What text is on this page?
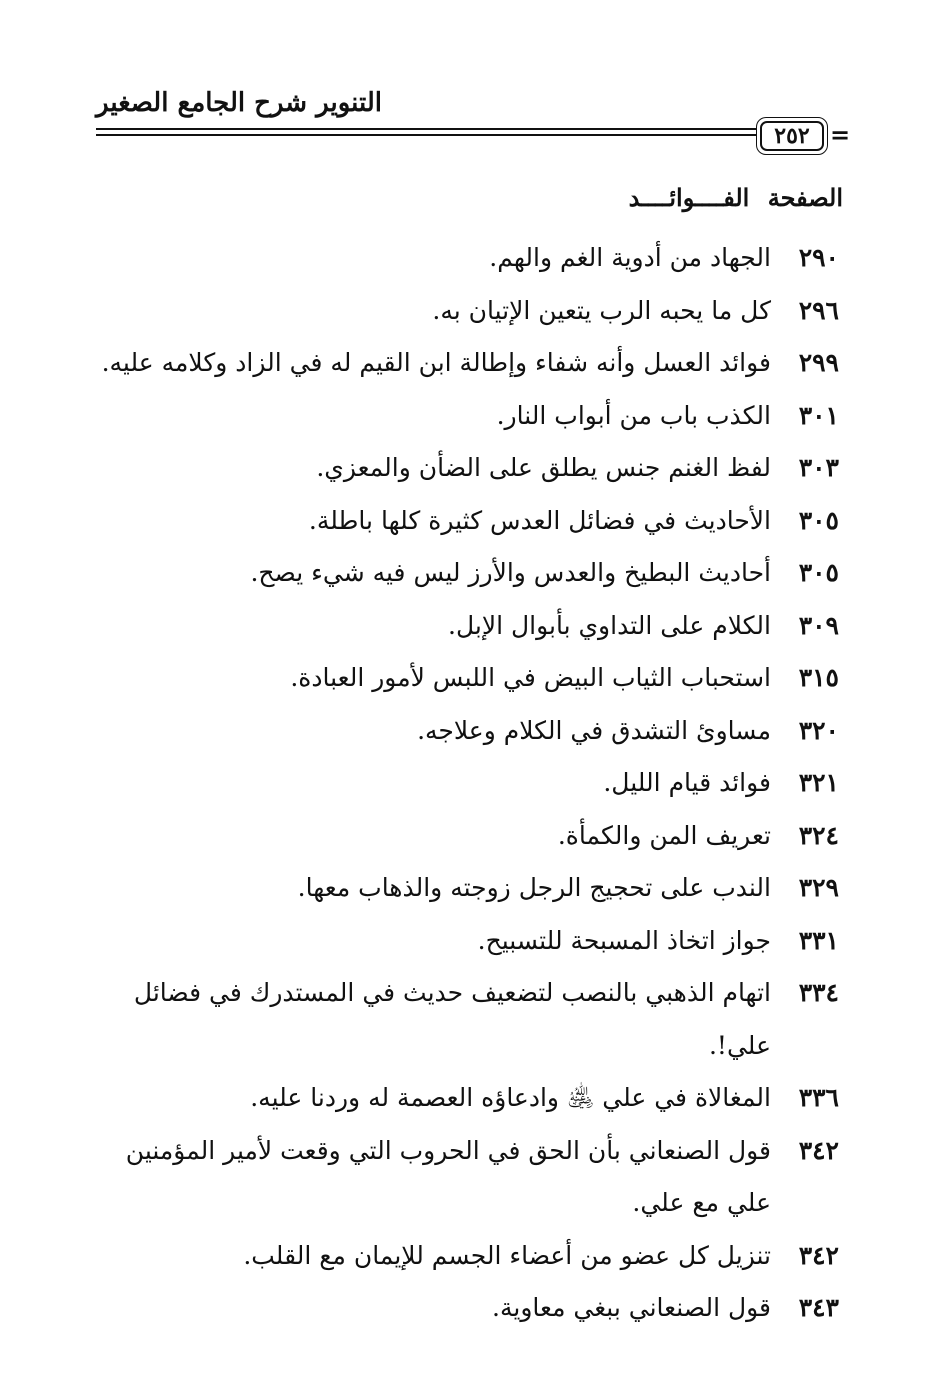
التنوير شرح الجامع الصغير
٢٥٢ =
الصفحة الفــــوائــــد
٢٩٠
الجهاد من أدوية الغم والهم.
٢٩٦
كل ما يحبه الرب يتعين الإتيان به.
٢٩٩
فوائد العسل وأنه شفاء وإطالة ابن القيم له في الزاد وكلامه عليه.
٣٠١
الكذب باب من أبواب النار.
٣٠٣
لفظ الغنم جنس يطلق على الضأن والمعزي.
٣٠٥
الأحاديث في فضائل العدس كثيرة كلها باطلة.
٣٠٥
أحاديث البطيخ والعدس والأرز ليس فيه شيء يصح.
٣٠٩
الكلام على التداوي بأبوال الإبل.
٣١٥
استحباب الثياب البيض في اللبس لأمور العبادة.
٣٢٠
مساوئ التشدق في الكلام وعلاجه.
٣٢١
فوائد قيام الليل.
٣٢٤
تعريف المن والكمأة.
٣٢٩
الندب على تحجيج الرجل زوجته والذهاب معها.
٣٣١
جواز اتخاذ المسبحة للتسبيح.
٣٣٤
اتهام الذهبي بالنصب لتضعيف حديث في المستدرك في فضائل علي!.
٣٣٦
المغالاة في علي ﵁ وادعاؤه العصمة له وردنا عليه.
٣٤٢
قول الصنعاني بأن الحق في الحروب التي وقعت لأمير المؤمنين علي مع علي.
٣٤٢
تنزيل كل عضو من أعضاء الجسم للإيمان مع القلب.
٣٤٣
قول الصنعاني ببغي معاوية.
